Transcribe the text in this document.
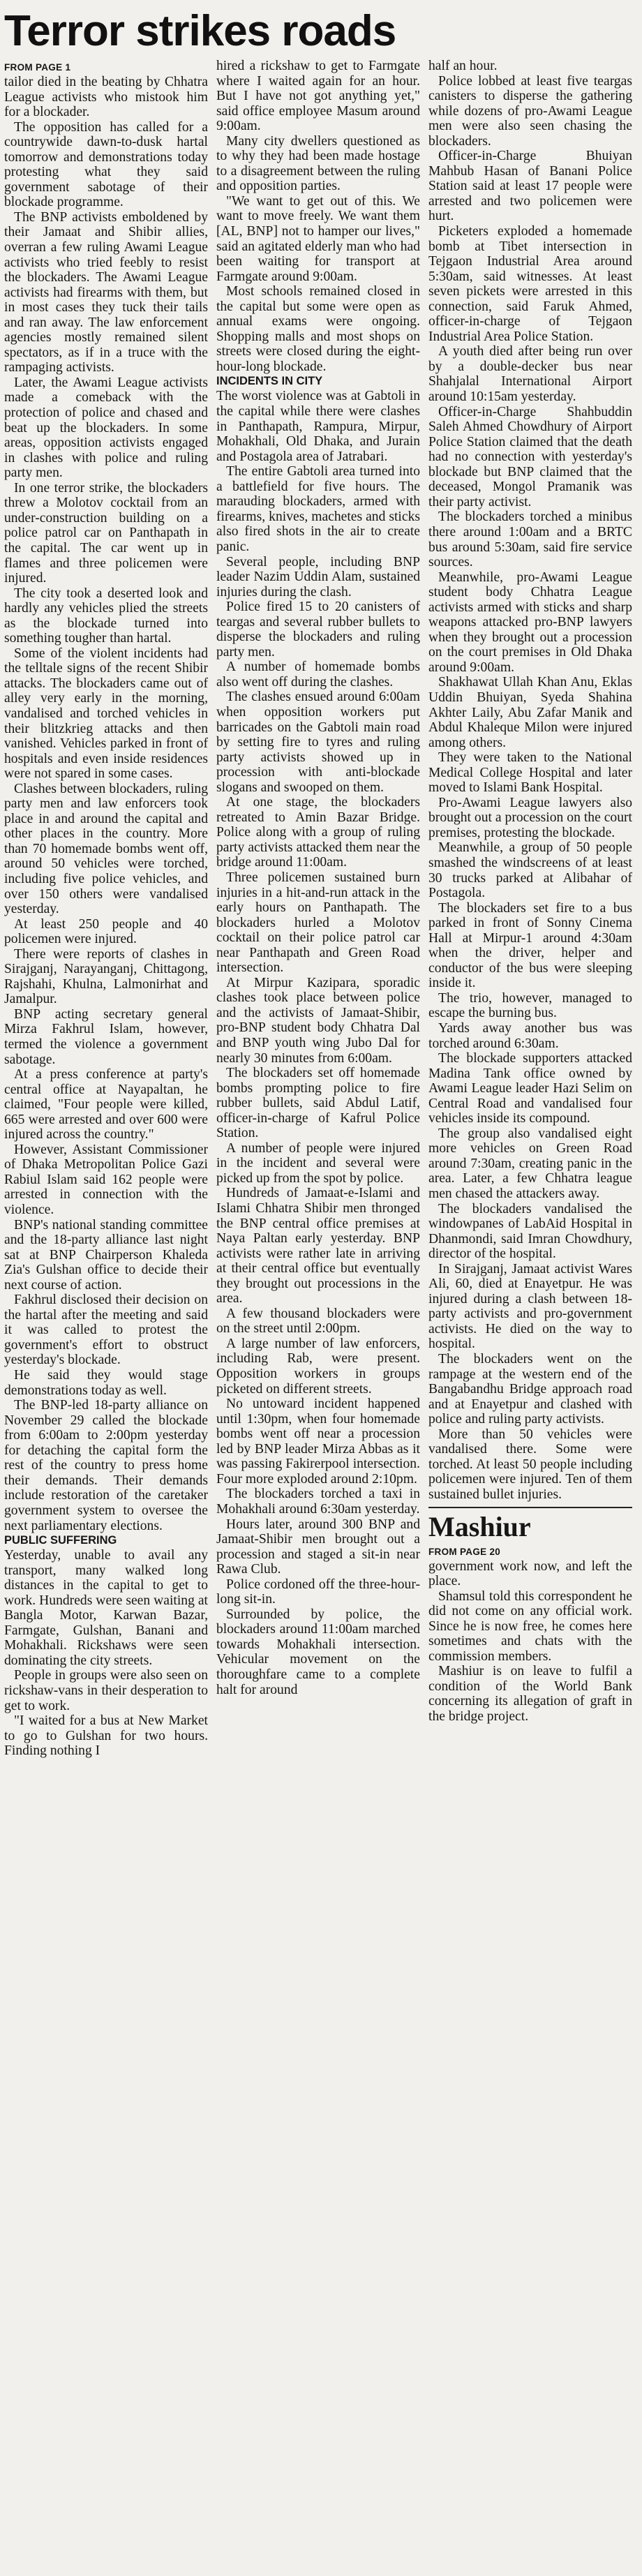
Terror strikes roads
FROM PAGE 1

tailor died in the beating by Chhatra League activists who mistook him for a blockader.

The opposition has called for a countrywide dawn-to-dusk hartal tomorrow and demonstrations today protesting what they said government sabotage of their blockade programme.

The BNP activists emboldened by their Jamaat and Shibir allies, overran a few ruling Awami League activists who tried feebly to resist the blockaders. The Awami League activists had firearms with them, but in most cases they tuck their tails and ran away. The law enforcement agencies mostly remained silent spectators, as if in a truce with the rampaging activists.

Later, the Awami League activists made a comeback with the protection of police and chased and beat up the blockaders. In some areas, opposition activists engaged in clashes with police and ruling party men.

In one terror strike, the blockaders threw a Molotov cocktail from an under-construction building on a police patrol car on Panthapath in the capital. The car went up in flames and three policemen were injured.

The city took a deserted look and hardly any vehicles plied the streets as the blockade turned into something tougher than hartal.

Some of the violent incidents had the telltale signs of the recent Shibir attacks. The blockaders came out of alley very early in the morning, vandalised and torched vehicles in their blitzkrieg attacks and then vanished. Vehicles parked in front of hospitals and even inside residences were not spared in some cases.

Clashes between blockaders, ruling party men and law enforcers took place in and around the capital and other places in the country. More than 70 homemade bombs went off, around 50 vehicles were torched, including five police vehicles, and over 150 others were vandalised yesterday.

At least 250 people and 40 policemen were injured.

There were reports of clashes in Sirajganj, Narayanganj, Chittagong, Rajshahi, Khulna, Lalmonirhat and Jamalpur.

BNP acting secretary general Mirza Fakhrul Islam, however, termed the violence a government sabotage.

At a press conference at party's central office at Nayapaltan, he claimed, "Four people were killed, 665 were arrested and over 600 were injured across the country."

However, Assistant Commissioner of Dhaka Metropolitan Police Gazi Rabiul Islam said 162 people were arrested in connection with the violence.

BNP's national standing committee and the 18-party alliance last night sat at BNP Chairperson Khaleda Zia's Gulshan office to decide their next course of action.

Fakhrul disclosed their decision on the hartal after the meeting and said it was called to protest the government's effort to obstruct yesterday's blockade.

He said they would stage demonstrations today as well.

The BNP-led 18-party alliance on November 29 called the blockade from 6:00am to 2:00pm yesterday for detaching the capital form the rest of the country to press home their demands. Their demands include restoration of the caretaker government system to oversee the next parliamentary elections.

PUBLIC SUFFERING

Yesterday, unable to avail any transport, many walked long distances in the capital to get to work. Hundreds were seen waiting at Bangla Motor, Karwan Bazar, Farmgate, Gulshan, Banani and Mohakhali. Rickshaws were seen dominating the city streets.

People in groups were also seen on rickshaw-vans in their desperation to get to work.

"I waited for a bus at New Market to go to Gulshan for two hours. Finding nothing I

hired a rickshaw to get to Farmgate where I waited again for an hour. But I have not got anything yet," said office employee Masum around 9:00am.

Many city dwellers questioned as to why they had been made hostage to a disagreement between the ruling and opposition parties.

"We want to get out of this. We want to move freely. We want them [AL, BNP] not to hamper our lives," said an agitated elderly man who had been waiting for transport at Farmgate around 9:00am.

Most schools remained closed in the capital but some were open as annual exams were ongoing. Shopping malls and most shops on streets were closed during the eight-hour-long blockade.

INCIDENTS IN CITY

The worst violence was at Gabtoli in the capital while there were clashes in Panthapath, Rampura, Mirpur, Mohakhali, Old Dhaka, and Jurain and Postagola area of Jatrabari.

The entire Gabtoli area turned into a battlefield for five hours. The marauding blockaders, armed with firearms, knives, machetes and sticks also fired shots in the air to create panic.

Several people, including BNP leader Nazim Uddin Alam, sustained injuries during the clash.

Police fired 15 to 20 canisters of teargas and several rubber bullets to disperse the blockaders and ruling party men.

A number of homemade bombs also went off during the clashes.

The clashes ensued around 6:00am when opposition workers put barricades on the Gabtoli main road by setting fire to tyres and ruling party activists showed up in procession with anti-blockade slogans and swooped on them.

At one stage, the blockaders retreated to Amin Bazar Bridge. Police along with a group of ruling party activists attacked them near the bridge around 11:00am.

Three policemen sustained burn injuries in a hit-and-run attack in the early hours on Panthapath. The blockaders hurled a Molotov cocktail on their police patrol car near Panthapath and Green Road intersection.

At Mirpur Kazipara, sporadic clashes took place between police and the activists of Jamaat-Shibir, pro-BNP student body Chhatra Dal and BNP youth wing Jubo Dal for nearly 30 minutes from 6:00am.

The blockaders set off homemade bombs prompting police to fire rubber bullets, said Abdul Latif, officer-in-charge of Kafrul Police Station.

A number of people were injured in the incident and several were picked up from the spot by police.

Hundreds of Jamaat-e-Islami and Islami Chhatra Shibir men thronged the BNP central office premises at Naya Paltan early yesterday. BNP activists were rather late in arriving at their central office but eventually they brought out processions in the area.

A few thousand blockaders were on the street until 2:00pm.

A large number of law enforcers, including Rab, were present. Opposition workers in groups picketed on different streets.

No untoward incident happened until 1:30pm, when four homemade bombs went off near a procession led by BNP leader Mirza Abbas as it was passing Fakirerpool intersection. Four more exploded around 2:10pm.

The blockaders torched a taxi in Mohakhali around 6:30am yesterday.

Hours later, around 300 BNP and Jamaat-Shibir men brought out a procession and staged a sit-in near Rawa Club.

Police cordoned off the three-hour-long sit-in.

Surrounded by police, the blockaders around 11:00am marched towards Mohakhali intersection. Vehicular movement on the thoroughfare came to a complete halt for around

half an hour.

Police lobbed at least five teargas canisters to disperse the gathering while dozens of pro-Awami League men were also seen chasing the blockaders.

Officer-in-Charge Bhuiyan Mahbub Hasan of Banani Police Station said at least 17 people were arrested and two policemen were hurt.

Picketers exploded a homemade bomb at Tibet intersection in Tejgaon Industrial Area around 5:30am, said witnesses. At least seven pickets were arrested in this connection, said Faruk Ahmed, officer-in-charge of Tejgaon Industrial Area Police Station.

A youth died after being run over by a double-decker bus near Shahjalal International Airport around 10:15am yesterday.

Officer-in-Charge Shahbuddin Saleh Ahmed Chowdhury of Airport Police Station claimed that the death had no connection with yesterday's blockade but BNP claimed that the deceased, Mongol Pramanik was their party activist.

The blockaders torched a minibus there around 1:00am and a BRTC bus around 5:30am, said fire service sources.

Meanwhile, pro-Awami League student body Chhatra League activists armed with sticks and sharp weapons attacked pro-BNP lawyers when they brought out a procession on the court premises in Old Dhaka around 9:00am.

Shakhawat Ullah Khan Anu, Eklas Uddin Bhuiyan, Syeda Shahina Akhter Laily, Abu Zafar Manik and Abdul Khaleque Milon were injured among others.

They were taken to the National Medical College Hospital and later moved to Islami Bank Hospital.

Pro-Awami League lawyers also brought out a procession on the court premises, protesting the blockade.

Meanwhile, a group of 50 people smashed the windscreens of at least 30 trucks parked at Alibahar of Postagola.

The blockaders set fire to a bus parked in front of Sonny Cinema Hall at Mirpur-1 around 4:30am when the driver, helper and conductor of the bus were sleeping inside it.

The trio, however, managed to escape the burning bus.

Yards away another bus was torched around 6:30am.

The blockade supporters attacked Madina Tank office owned by Awami League leader Hazi Selim on Central Road and vandalised four vehicles inside its compound.

The group also vandalised eight more vehicles on Green Road around 7:30am, creating panic in the area. Later, a few Chhatra league men chased the attackers away.

The blockaders vandalised the windowpanes of LabAid Hospital in Dhanmondi, said Imran Chowdhury, director of the hospital.

In Sirajganj, Jamaat activist Wares Ali, 60, died at Enayetpur. He was injured during a clash between 18-party activists and pro-government activists. He died on the way to hospital.

The blockaders went on the rampage at the western end of the Bangabandhu Bridge approach road and at Enayetpur and clashed with police and ruling party activists.

More than 50 vehicles were vandalised there. Some were torched. At least 50 people including policemen were injured. Ten of them sustained bullet injuries.

Mashiur
FROM PAGE 20

government work now, and left the place.

Shamsul told this correspondent he did not come on any official work. Since he is now free, he comes here sometimes and chats with the commission members.

Mashiur is on leave to fulfil a condition of the World Bank concerning its allegation of graft in the bridge project.
